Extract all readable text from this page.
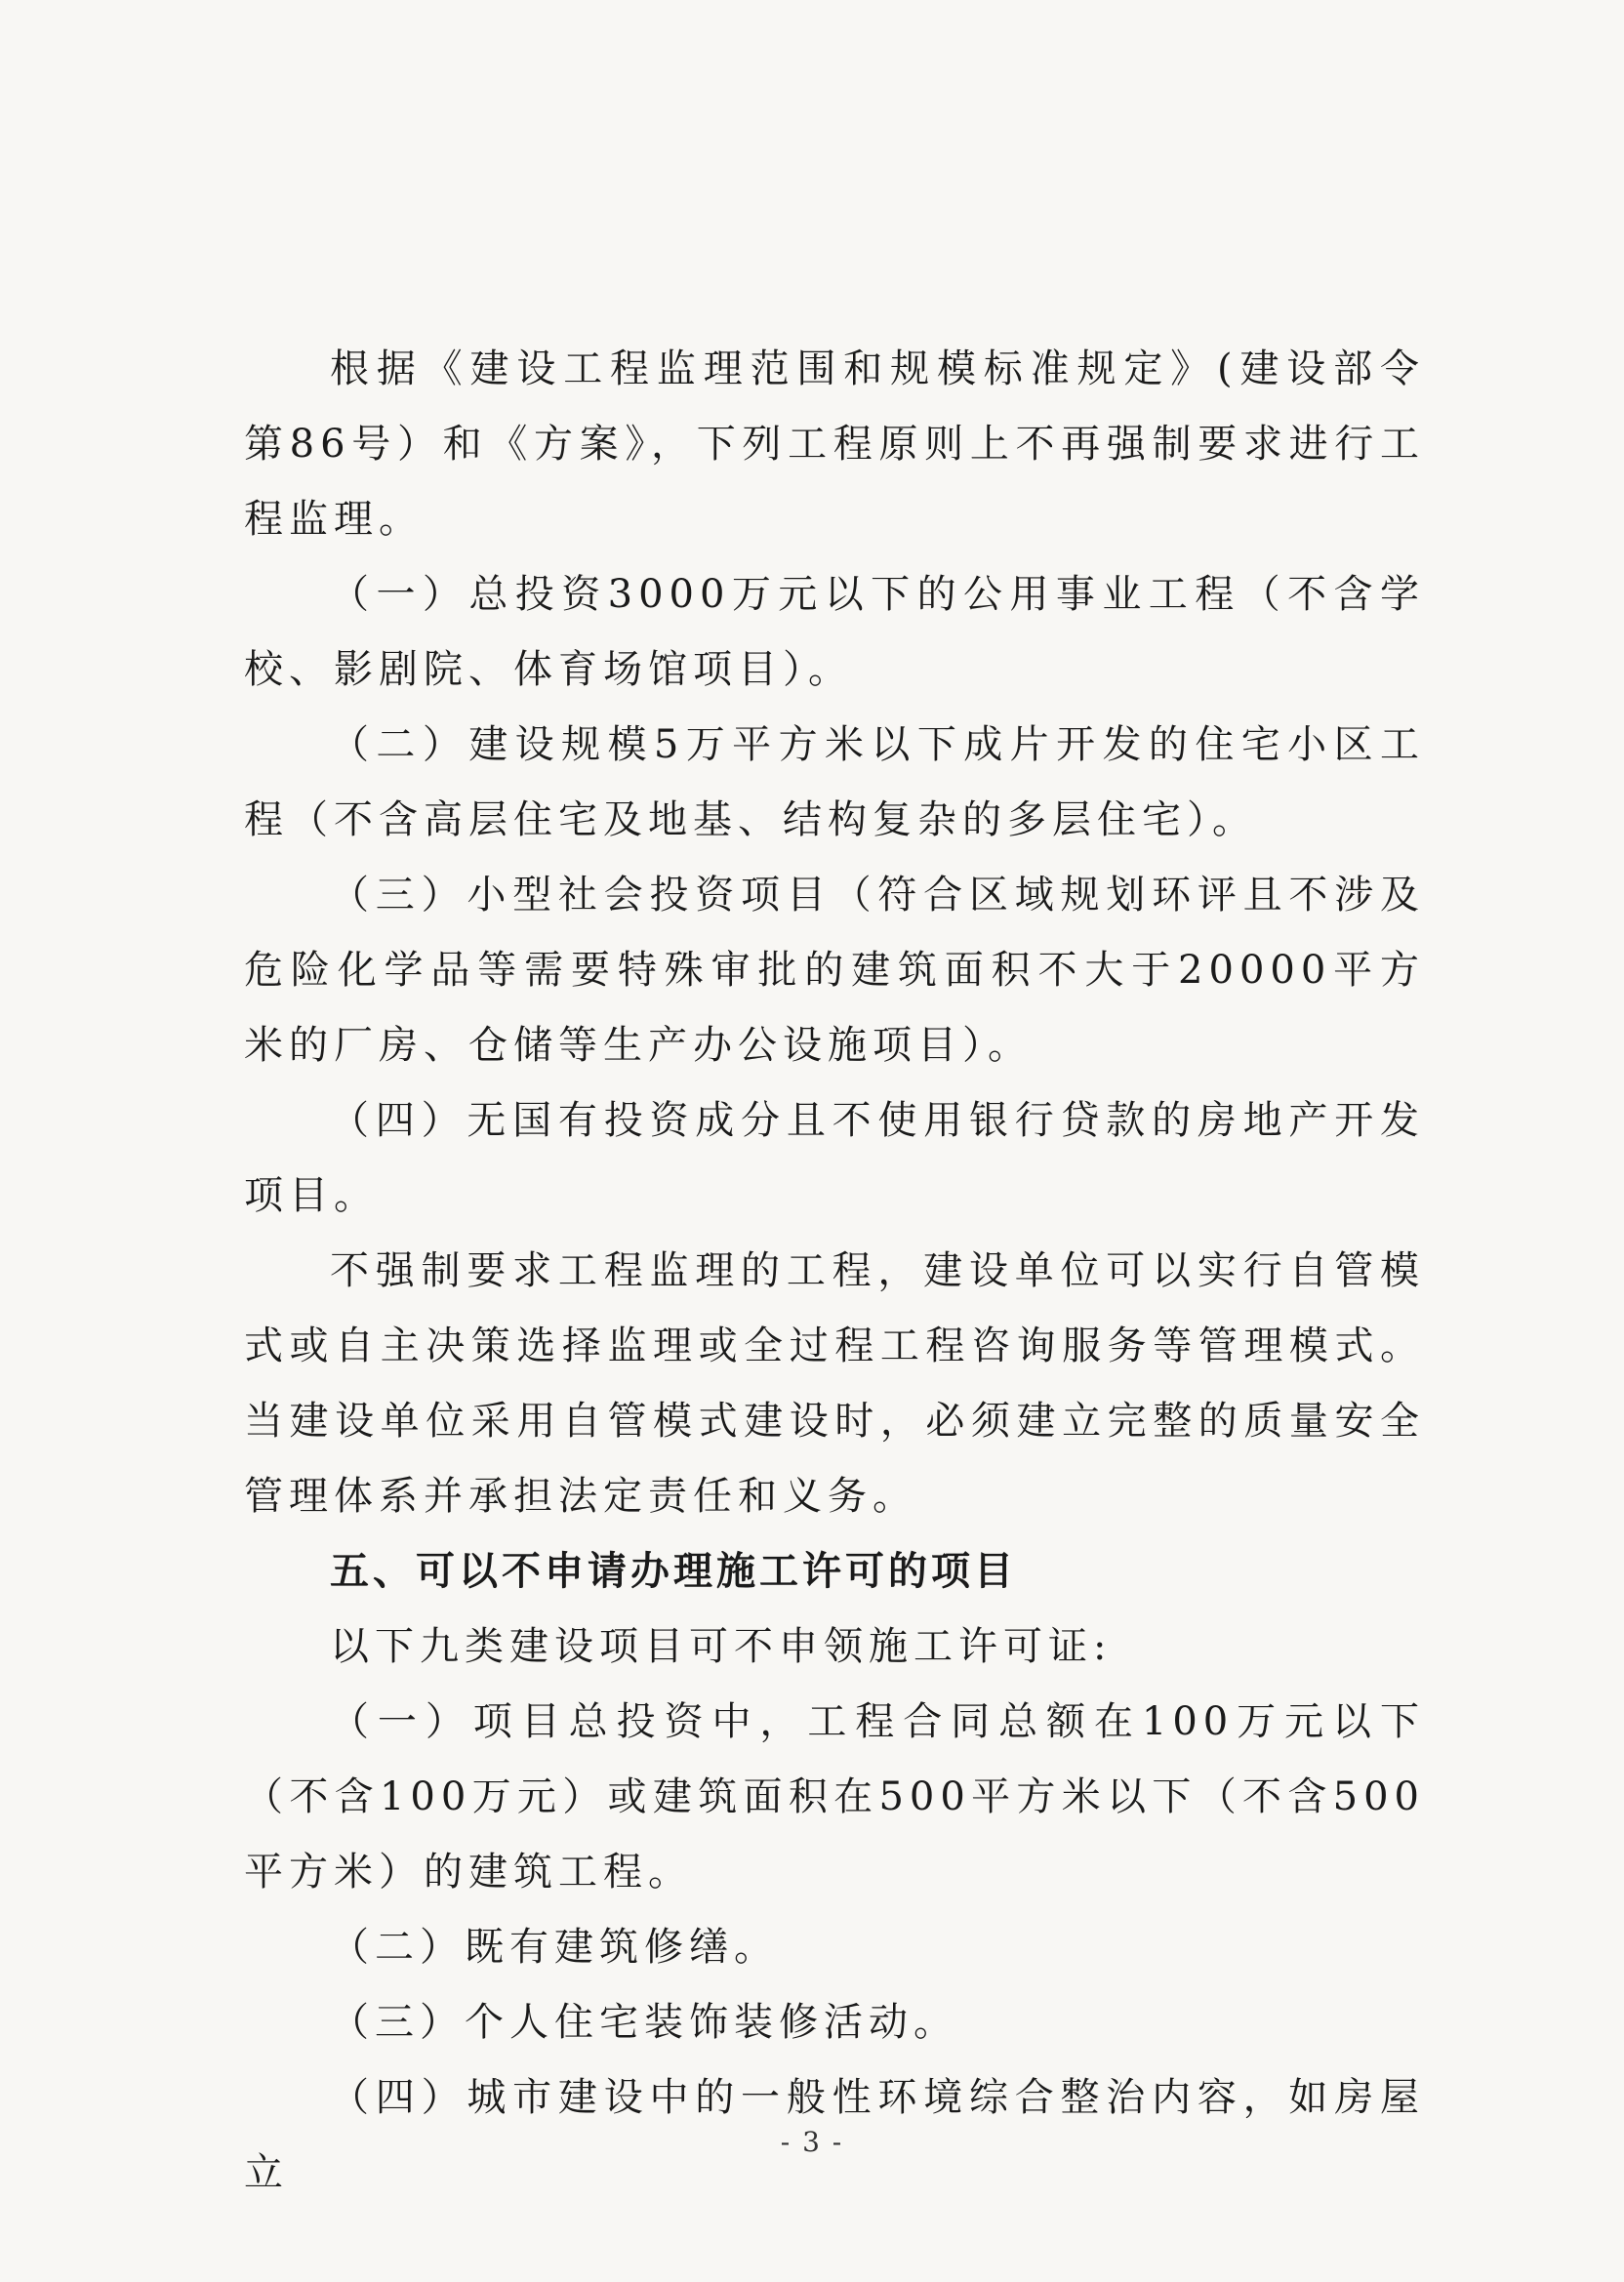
根据《建设工程监理范围和规模标准规定》(建设部令第86号）和《方案》，下列工程原则上不再强制要求进行工程监理。

（一）总投资3000万元以下的公用事业工程（不含学校、影剧院、体育场馆项目）。

（二）建设规模5万平方米以下成片开发的住宅小区工程（不含高层住宅及地基、结构复杂的多层住宅）。

（三）小型社会投资项目（符合区域规划环评且不涉及危险化学品等需要特殊审批的建筑面积不大于20000平方米的厂房、仓储等生产办公设施项目）。

（四）无国有投资成分且不使用银行贷款的房地产开发项目。

不强制要求工程监理的工程，建设单位可以实行自管模式或自主决策选择监理或全过程工程咨询服务等管理模式。当建设单位采用自管模式建设时，必须建立完整的质量安全管理体系并承担法定责任和义务。

五、可以不申请办理施工许可的项目

以下九类建设项目可不申领施工许可证:

（一）项目总投资中，工程合同总额在100万元以下（不含100万元）或建筑面积在500平方米以下（不含500平方米）的建筑工程。

（二）既有建筑修缮。

（三）个人住宅装饰装修活动。

（四）城市建设中的一般性环境综合整治内容，如房屋立

- 3 -
